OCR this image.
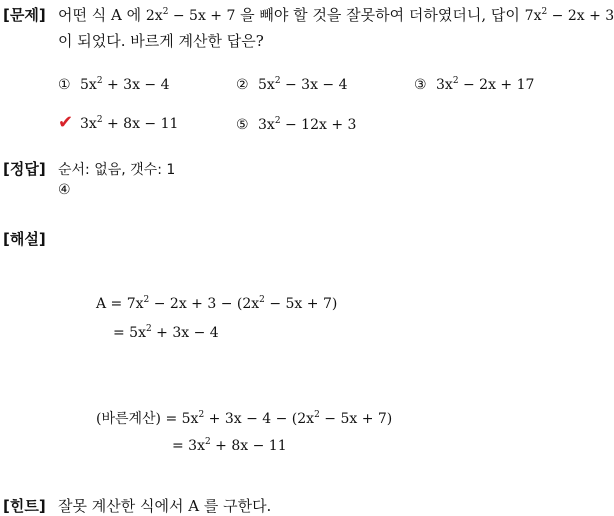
[문제] 어떤 식 A 에 $2x^2 - 5x + 7$ 을 빼야 할 것을 잘못하여 더하였더니, 답이 $7x^2 - 2x + 3$
이 되었다. 바르게 계산한 답은?
① $5x^2 + 3x - 4$	② $5x^2 - 3x - 4$	③ $3x^2 - 2x + 17$
✔ $3x^2 + 8x - 11$	⑤ $3x^2 - 12x + 3$
[정답] 순서: 없음, 갯수: 1
④
[해설]
$A = 7x^2 - 2x + 3 - (2x^2 - 5x + 7)$
= $5x^2 + 3x - 4$
(바른계산) = $5x^2 + 3x - 4 - (2x^2 - 5x + 7)$
= $3x^2 + 8x - 11$
[힌트] 잘못 계산한 식에서 A 를 구한다.
